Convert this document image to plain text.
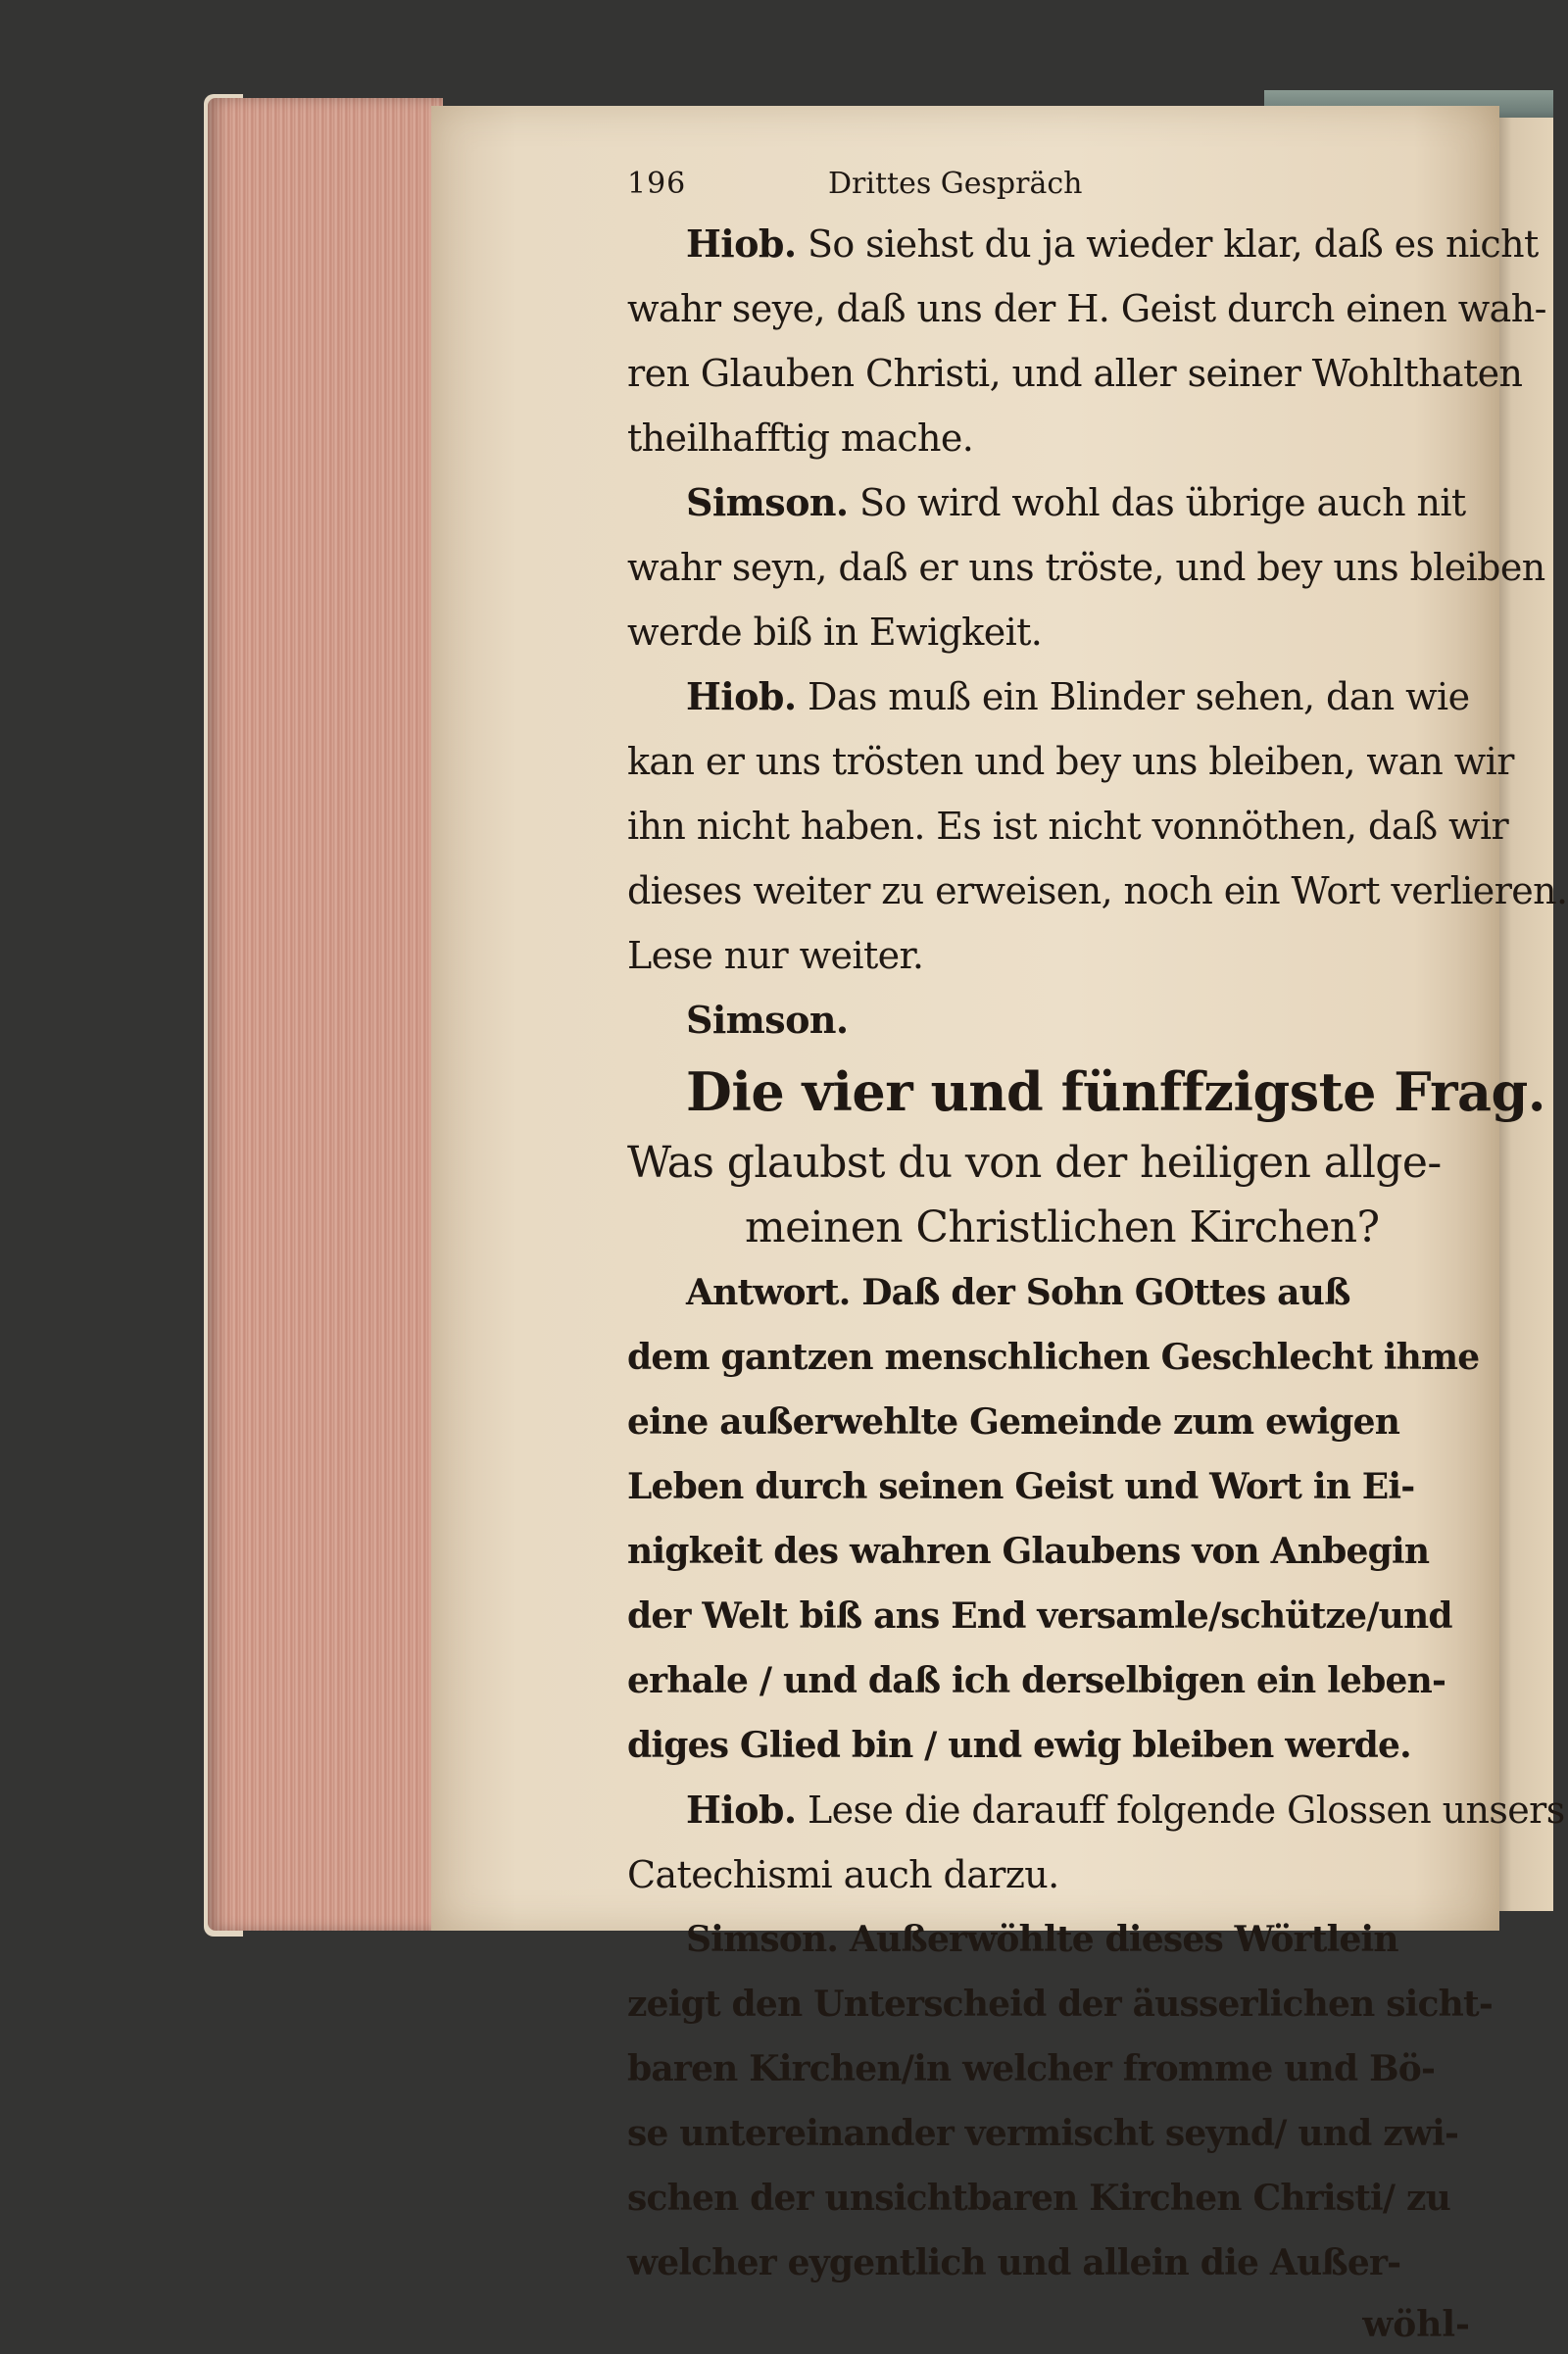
196	Drittes Gespräch
Hiob. So siehst du ja wieder klar, daß es nicht
wahr seye, daß uns der H. Geist durch einen wah-
ren Glauben Christi, und aller seiner Wohlthaten
theilhafftig mache.
Simson. So wird wohl das übrige auch nit
wahr seyn, daß er uns tröste, und bey uns bleiben
werde biß in Ewigkeit.
Hiob. Das muß ein Blinder sehen, dan wie
kan er uns trösten und bey uns bleiben, wan wir
ihn nicht haben. Es ist nicht vonnöthen, daß wir
dieses weiter zu erweisen, noch ein Wort verlieren.
Lese nur weiter.
Simson.
Die vier und fünffzigste Frag.
Was glaubst du von der heiligen allge-
meinen Christlichen Kirchen?
Antwort. Daß der Sohn GOttes auß
dem gantzen menschlichen Geschlecht ihme
eine außerwehlte Gemeinde zum ewigen
Leben durch seinen Geist und Wort in Ei-
nigkeit des wahren Glaubens von Anbegin
der Welt biß ans End versamle/schütze/und
erhale / und daß ich derselbigen ein leben-
diges Glied bin / und ewig bleiben werde.
Hiob. Lese die darauff folgende Glossen unsers
Catechismi auch darzu.
Simson. Außerwöhlte dieses Wörtlein
zeigt den Unterscheid der äusserlichen sicht-
baren Kirchen/in welcher fromme und Bö-
se untereinander vermischt seynd/ und zwi-
schen der unsichtbaren Kirchen Christi/ zu
welcher eygentlich und allein die Außer-
wöhl-
